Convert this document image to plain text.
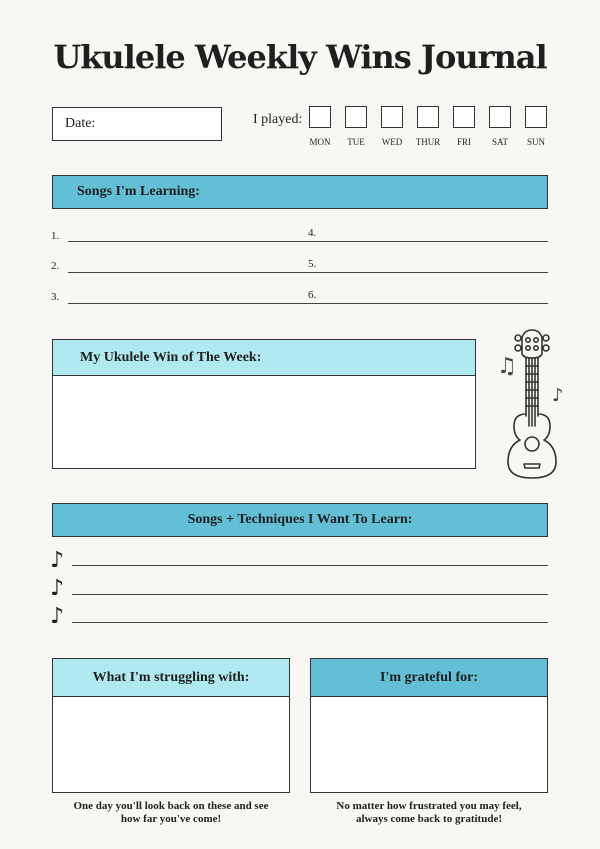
Ukulele Weekly Wins Journal
Date:	I played:
MON	TUE	WED	THUR	FRI	SAT	SUN
Songs I'm Learning:
1.	4.
2.	5.
3.	6.
My Ukulele Win of The Week:	♫
♪
Songs + Techniques I Want To Learn:
♪
♪
♪
What I'm struggling with:	I'm grateful for:
One day you'll look back on these and see
how far you've come!
No matter how frustrated you may feel,
always come back to gratitude!
